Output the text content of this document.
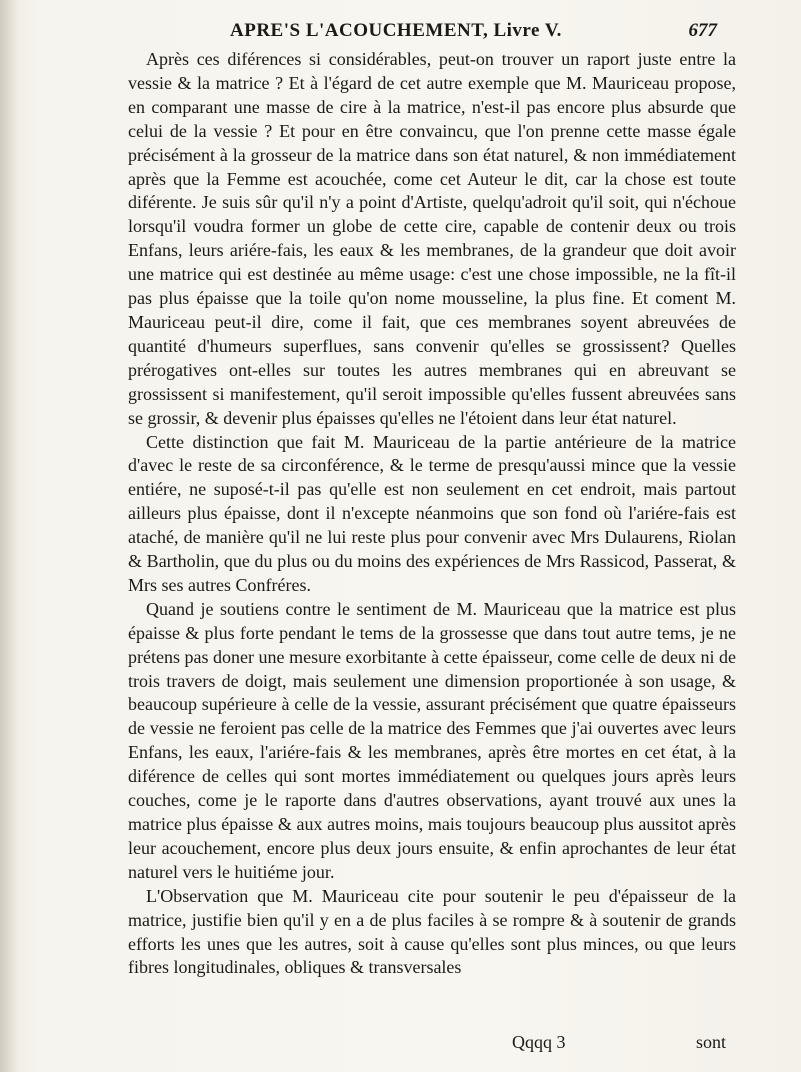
APRE'S L'ACOUCHEMENT, Livre V.	677

Après ces diférences si considérables, peut-on trouver un raport juste entre la vessie & la matrice ? Et à l'égard de cet autre exemple que M. Mauriceau propose, en comparant une masse de cire à la matrice, n'est-il pas encore plus absurde que celui de la vessie ? Et pour en être convaincu, que l'on prenne cette masse égale précisément à la grosseur de la matrice dans son état naturel, & non immédiatement après que la Femme est acouchée, come cet Auteur le dit, car la chose est toute diférente. Je suis sûr qu'il n'y a point d'Artiste, quelqu'adroit qu'il soit, qui n'échoue lorsqu'il voudra former un globe de cette cire, capable de contenir deux ou trois Enfans, leurs ariére-fais, les eaux & les membranes, de la grandeur que doit avoir une matrice qui est destinée au même usage: c'est une chose impossible, ne la fît-il pas plus épaisse que la toile qu'on nome mousseline, la plus fine. Et coment M. Mauriceau peut-il dire, come il fait, que ces membranes soyent abreuvées de quantité d'humeurs superflues, sans convenir qu'elles se grossissent? Quelles prérogatives ont-elles sur toutes les autres membranes qui en abreuvant se grossissent si manifestement, qu'il seroit impossible qu'elles fussent abreuvées sans se grossir, & devenir plus épaisses qu'elles ne l'étoient dans leur état naturel.

Cette distinction que fait M. Mauriceau de la partie antérieure de la matrice d'avec le reste de sa circonférence, & le terme de presqu'aussi mince que la vessie entiére, ne suposé-t-il pas qu'elle est non seulement en cet endroit, mais partout ailleurs plus épaisse, dont il n'excepte néanmoins que son fond où l'ariére-fais est ataché, de manière qu'il ne lui reste plus pour convenir avec Mrs Dulaurens, Riolan & Bartholin, que du plus ou du moins des expériences de Mrs Rassicod, Passerat, & Mrs ses autres Confréres.

Quand je soutiens contre le sentiment de M. Mauriceau que la matrice est plus épaisse & plus forte pendant le tems de la grossesse que dans tout autre tems, je ne prétens pas doner une mesure exorbitante à cette épaisseur, come celle de deux ni de trois travers de doigt, mais seulement une dimension proportionée à son usage, & beaucoup supérieure à celle de la vessie, assurant précisément que quatre épaisseurs de vessie ne feroient pas celle de la matrice des Femmes que j'ai ouvertes avec leurs Enfans, les eaux, l'ariére-fais & les membranes, après être mortes en cet état, à la diférence de celles qui sont mortes immédiatement ou quelques jours après leurs couches, come je le raporte dans d'autres observations, ayant trouvé aux unes la matrice plus épaisse & aux autres moins, mais toujours beaucoup plus aussitot après leur acouchement, encore plus deux jours ensuite, & enfin aprochantes de leur état naturel vers le huitiéme jour.

L'Observation que M. Mauriceau cite pour soutenir le peu d'épaisseur de la matrice, justifie bien qu'il y en a de plus faciles à se rompre & à soutenir de grands efforts les unes que les autres, soit à cause qu'elles sont plus minces, ou que leurs fibres longitudinales, obliques & transversales

Qqqq 3	sont
